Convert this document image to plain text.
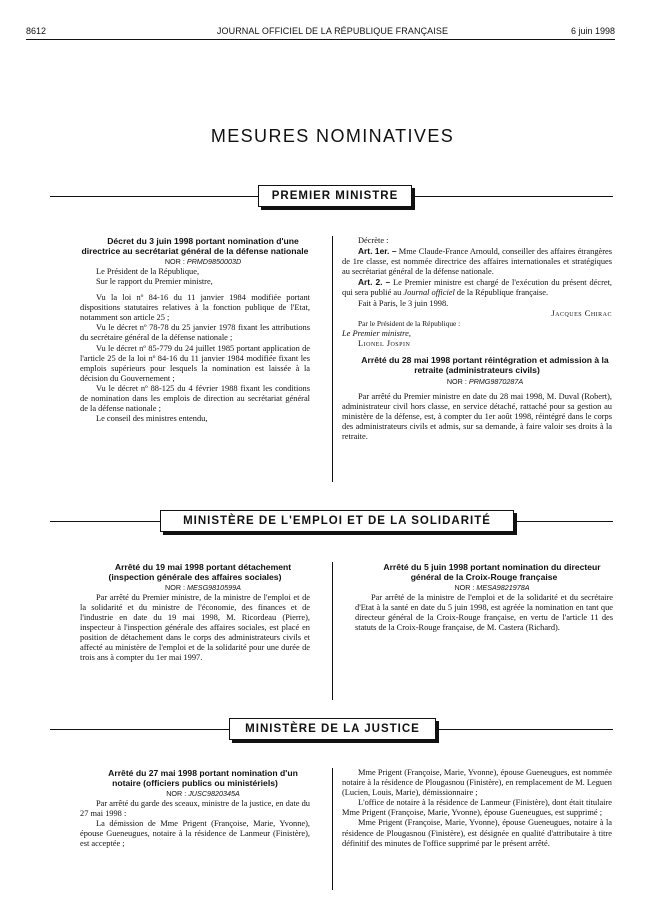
8612	JOURNAL OFFICIEL DE LA RÉPUBLIQUE FRANÇAISE	6 juin 1998
MESURES NOMINATIVES
PREMIER MINISTRE

Décret du 3 juin 1998 portant nomination d'une directrice au secrétariat général de la défense nationale

NOR : PRMD9850003D

Le Président de la République,

Sur le rapport du Premier ministre,

Vu la loi nº 84-16 du 11 janvier 1984 modifiée portant dispositions statutaires relatives à la fonction publique de l'Etat, notamment son article 25 ;

Vu le décret nº 78-78 du 25 janvier 1978 fixant les attributions du secrétaire général de la défense nationale ;

Vu le décret nº 85-779 du 24 juillet 1985 portant application de l'article 25 de la loi nº 84-16 du 11 janvier 1984 modifiée fixant les emplois supérieurs pour lesquels la nomination est laissée à la décision du Gouvernement ;

Vu le décret nº 88-125 du 4 février 1988 fixant les conditions de nomination dans les emplois de direction au secrétariat général de la défense nationale ;

Le conseil des ministres entendu,

Décrète :

Art. 1er. – Mme Claude-France Arnould, conseiller des affaires étrangères de 1re classe, est nommée directrice des affaires internationales et stratégiques au secrétariat général de la défense nationale.

Art. 2. – Le Premier ministre est chargé de l'exécution du présent décret, qui sera publié au Journal officiel de la République française.

Fait à Paris, le 3 juin 1998.

Jacques Chirac

Par le Président de la République :

Le Premier ministre,

Lionel Jospin

Arrêté du 28 mai 1998 portant réintégration et admission à la retraite (administrateurs civils)

NOR : PRMG9870287A

Par arrêté du Premier ministre en date du 28 mai 1998, M. Duval (Robert), administrateur civil hors classe, en service détaché, rattaché pour sa gestion au ministère de la défense, est, à compter du 1er août 1998, réintégré dans le corps des administrateurs civils et admis, sur sa demande, à faire valoir ses droits à la retraite.

MINISTÈRE DE L'EMPLOI ET DE LA SOLIDARITÉ

Arrêté du 19 mai 1998 portant détachement (inspection générale des affaires sociales)

NOR : MESG9810599A

Par arrêté du Premier ministre, de la ministre de l'emploi et de la solidarité et du ministre de l'économie, des finances et de l'industrie en date du 19 mai 1998, M. Ricordeau (Pierre), inspecteur à l'inspection générale des affaires sociales, est placé en position de détachement dans le corps des administrateurs civils et affecté au ministère de l'emploi et de la solidarité pour une durée de trois ans à compter du 1er mai 1997.

Arrêté du 5 juin 1998 portant nomination du directeur général de la Croix-Rouge française

NOR : MESA9821978A

Par arrêté de la ministre de l'emploi et de la solidarité et du secrétaire d'Etat à la santé en date du 5 juin 1998, est agréée la nomination en tant que directeur général de la Croix-Rouge française, en vertu de l'article 11 des statuts de la Croix-Rouge française, de M. Castera (Richard).

MINISTÈRE DE LA JUSTICE

Arrêté du 27 mai 1998 portant nomination d'un notaire (officiers publics ou ministériels)

NOR : JUSC9820345A

Par arrêté du garde des sceaux, ministre de la justice, en date du 27 mai 1998 :

La démission de Mme Prigent (Françoise, Marie, Yvonne), épouse Gueneugues, notaire à la résidence de Lanmeur (Finistère), est acceptée ;

Mme Prigent (Françoise, Marie, Yvonne), épouse Gueneugues, est nommée notaire à la résidence de Plougasnou (Finistère), en remplacement de M. Leguen (Lucien, Louis, Marie), démissionnaire ;

L'office de notaire à la résidence de Lanmeur (Finistère), dont était titulaire Mme Prigent (Françoise, Marie, Yvonne), épouse Gueneugues, est supprimé ;

Mme Prigent (Françoise, Marie, Yvonne), épouse Gueneugues, notaire à la résidence de Plougasnou (Finistère), est désignée en qualité d'attributaire à titre définitif des minutes de l'office supprimé par le présent arrêté.
